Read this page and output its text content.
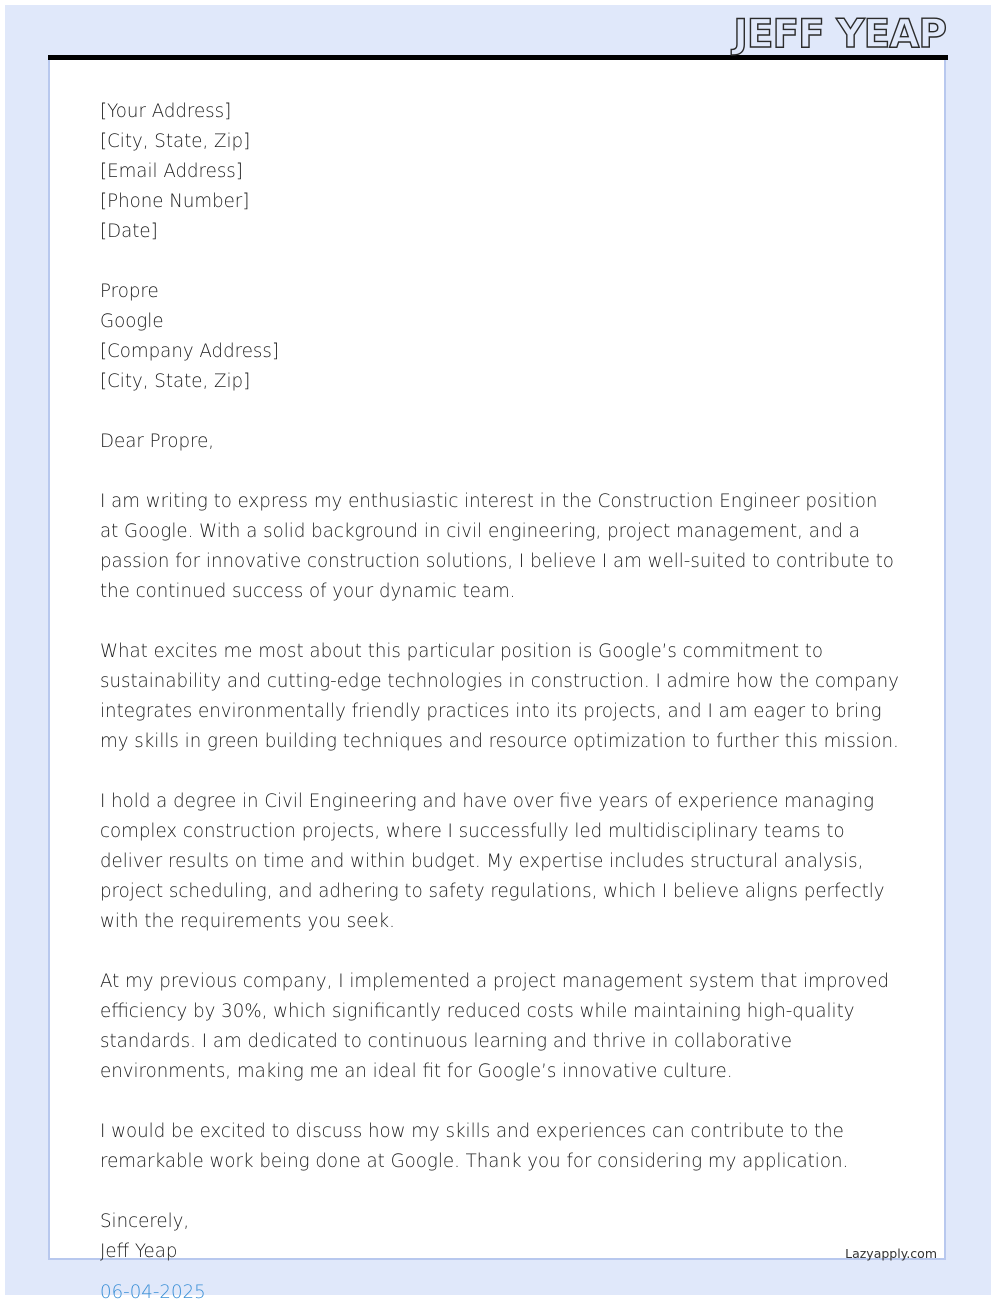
JEFF YEAP

[Your Address]
[City, State, Zip]
[Email Address]
[Phone Number]
[Date]

Propre
Google
[Company Address]
[City, State, Zip]

Dear Propre,

I am writing to express my enthusiastic interest in the Construction Engineer position at Google. With a solid background in civil engineering, project management, and a passion for innovative construction solutions, I believe I am well-suited to contribute to the continued success of your dynamic team.

What excites me most about this particular position is Google’s commitment to sustainability and cutting-edge technologies in construction. I admire how the company integrates environmentally friendly practices into its projects, and I am eager to bring my skills in green building techniques and resource optimization to further this mission.

I hold a degree in Civil Engineering and have over five years of experience managing complex construction projects, where I successfully led multidisciplinary teams to deliver results on time and within budget. My expertise includes structural analysis, project scheduling, and adhering to safety regulations, which I believe aligns perfectly with the requirements you seek.

At my previous company, I implemented a project management system that improved efficiency by 30%, which significantly reduced costs while maintaining high-quality standards. I am dedicated to continuous learning and thrive in collaborative environments, making me an ideal fit for Google’s innovative culture.

I would be excited to discuss how my skills and experiences can contribute to the remarkable work being done at Google. Thank you for considering my application.

Sincerely,
Jeff Yeap	Lazyapply.com
06-04-2025
